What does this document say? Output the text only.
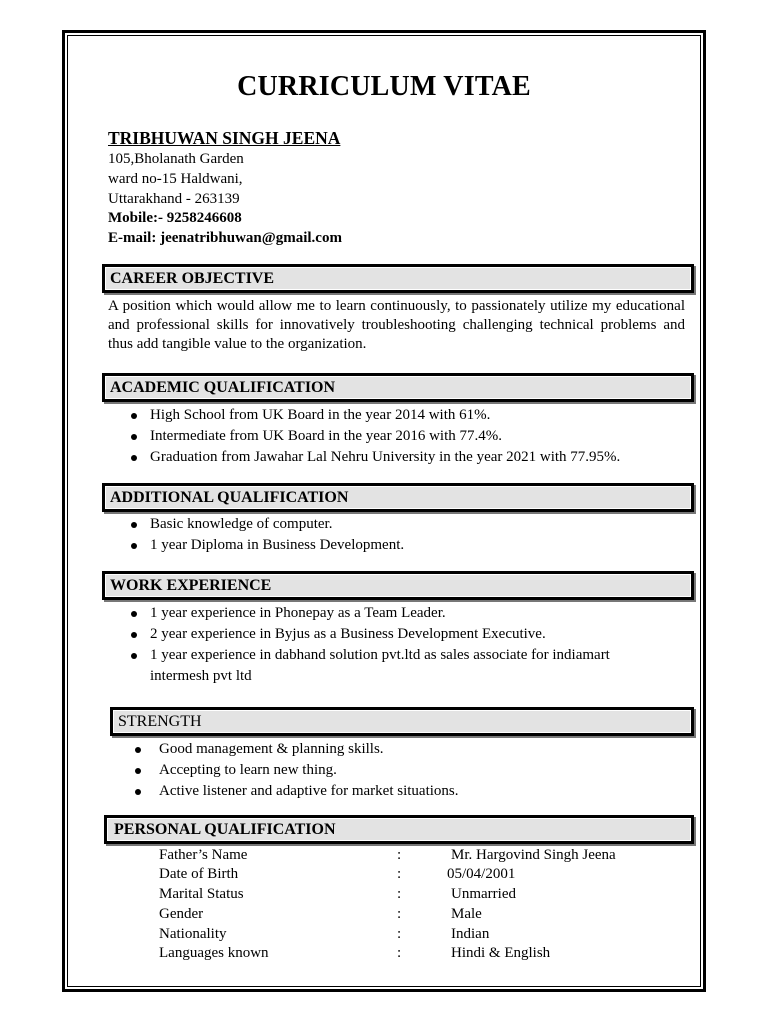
CURRICULUM VITAE
TRIBHUWAN SINGH JEENA
105,Bholanath Garden
ward no-15 Haldwani,
Uttarakhand - 263139
Mobile:- 9258246608
E-mail: jeenatribhuwan@gmail.com
CAREER OBJECTIVE
A position which would allow me to learn continuously, to passionately utilize my educational and professional skills for innovatively troubleshooting challenging technical problems and thus add tangible value to the organization.
ACADEMIC QUALIFICATION
High School from UK Board in the year 2014 with 61%.
Intermediate from UK Board in the year 2016 with 77.4%.
Graduation from Jawahar Lal Nehru University in the year 2021 with 77.95%.
ADDITIONAL QUALIFICATION
Basic knowledge of computer.
1 year Diploma in Business Development.
WORK EXPERIENCE
1 year experience in Phonepay as a Team Leader.
2 year experience in Byjus as a Business Development Executive.
1 year experience in dabhand solution pvt.ltd as sales associate for indiamart
intermesh pvt ltd
STRENGTH
Good management & planning skills.
Accepting to learn new thing.
Active listener and adaptive for market situations.
PERSONAL QUALIFICATION
Father’s Name	:	Mr. Hargovind Singh Jeena
Date of Birth	:	05/04/2001
Marital Status	:	Unmarried
Gender	:	Male
Nationality	:	Indian
Languages known	:	Hindi & English
